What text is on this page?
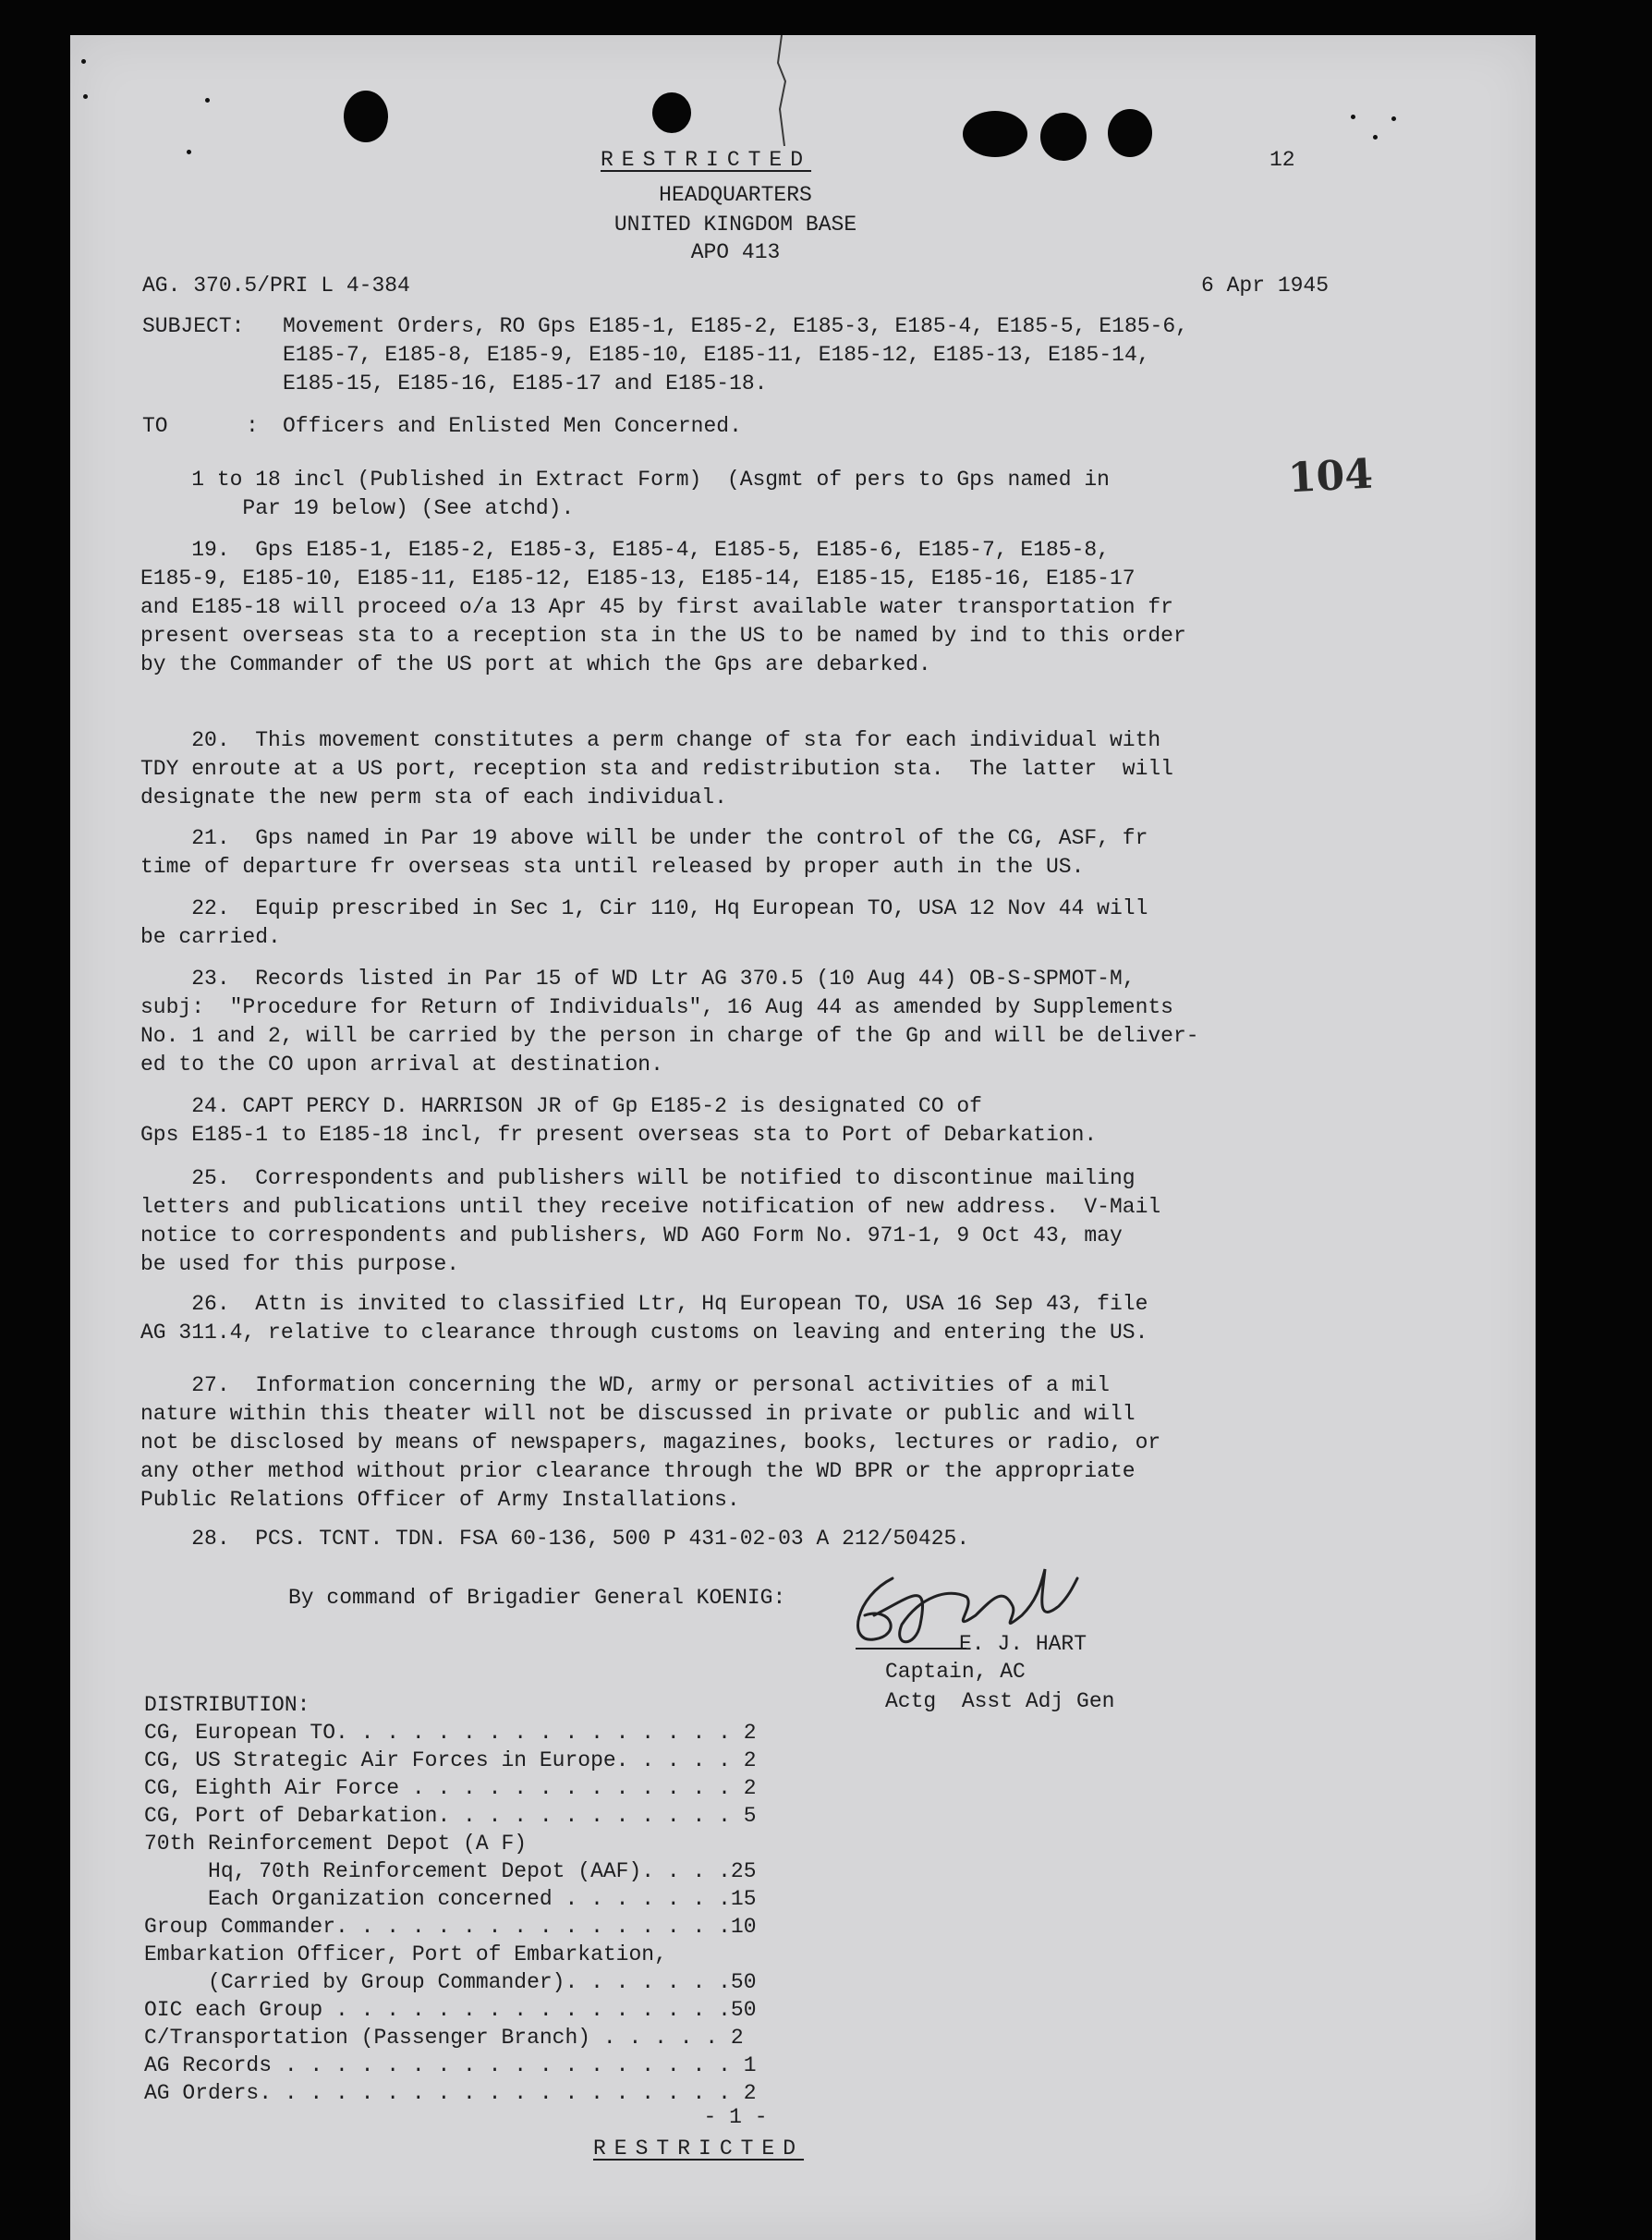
RESTRICTED	12
HEADQUARTERS
UNITED KINGDOM BASE
APO 413
AG. 370.5/PRI L 4-384	6 Apr 1945
SUBJECT: Movement Orders, RO Gps E185-1, E185-2, E185-3, E185-4, E185-5, E185-6,
E185-7, E185-8, E185-9, E185-10, E185-11, E185-12, E185-13, E185-14,
E185-15, E185-16, E185-17 and E185-18.
TO	: Officers and Enlisted Men Concerned.
104
1 to 18 incl (Published in Extract Form)  (Asgmt of pers to Gps named in
Par 19 below) (See atchd).
19.  Gps E185-1, E185-2, E185-3, E185-4, E185-5, E185-6, E185-7, E185-8,
E185-9, E185-10, E185-11, E185-12, E185-13, E185-14, E185-15, E185-16, E185-17
and E185-18 will proceed o/a 13 Apr 45 by first available water transportation fr
present overseas sta to a reception sta in the US to be named by ind to this order
by the Commander of the US port at which the Gps are debarked.
20.  This movement constitutes a perm change of sta for each individual with
TDY enroute at a US port, reception sta and redistribution sta.  The latter  will
designate the new perm sta of each individual.
21.  Gps named in Par 19 above will be under the control of the CG, ASF, fr
time of departure fr overseas sta until released by proper auth in the US.
22.  Equip prescribed in Sec 1, Cir 110, Hq European TO, USA 12 Nov 44 will
be carried.
23.  Records listed in Par 15 of WD Ltr AG 370.5 (10 Aug 44) OB-S-SPMOT-M,
subj:  "Procedure for Return of Individuals", 16 Aug 44 as amended by Supplements
No. 1 and 2, will be carried by the person in charge of the Gp and will be deliver-
ed to the CO upon arrival at destination.
24. CAPT PERCY D. HARRISON JR of Gp E185-2 is designated CO of
Gps E185-1 to E185-18 incl, fr present overseas sta to Port of Debarkation.
25.  Correspondents and publishers will be notified to discontinue mailing
letters and publications until they receive notification of new address.  V-Mail
notice to correspondents and publishers, WD AGO Form No. 971-1, 9 Oct 43, may
be used for this purpose.
26.  Attn is invited to classified Ltr, Hq European TO, USA 16 Sep 43, file
AG 311.4, relative to clearance through customs on leaving and entering the US.
27.  Information concerning the WD, army or personal activities of a mil
nature within this theater will not be discussed in private or public and will
not be disclosed by means of newspapers, magazines, books, lectures or radio, or
any other method without prior clearance through the WD BPR or the appropriate
Public Relations Officer of Army Installations.
28.  PCS. TCNT. TDN. FSA 60-136, 500 P 431-02-03 A 212/50425.
By command of Brigadier General KOENIG:
E. J. HART
Captain, AC
Actg  Asst Adj Gen
DISTRIBUTION:
CG, European TO. . . . . . . . . . . . . . . . 2
CG, US Strategic Air Forces in Europe. . . . . 2
CG, Eighth Air Force . . . . . . . . . . . . . 2
CG, Port of Debarkation. . . . . . . . . . . . 5
70th Reinforcement Depot (A F)
Hq, 70th Reinforcement Depot (AAF). . . .25
Each Organization concerned . . . . . . .15
Group Commander. . . . . . . . . . . . . . . .10
Embarkation Officer, Port of Embarkation,
(Carried by Group Commander). . . . . . .50
OIC each Group . . . . . . . . . . . . . . . .50
C/Transportation (Passenger Branch) . . . . . 2
AG Records . . . . . . . . . . . . . . . . . . 1
AG Orders. . . . . . . . . . . . . . . . . . . 2
- 1 -
RESTRICTED
